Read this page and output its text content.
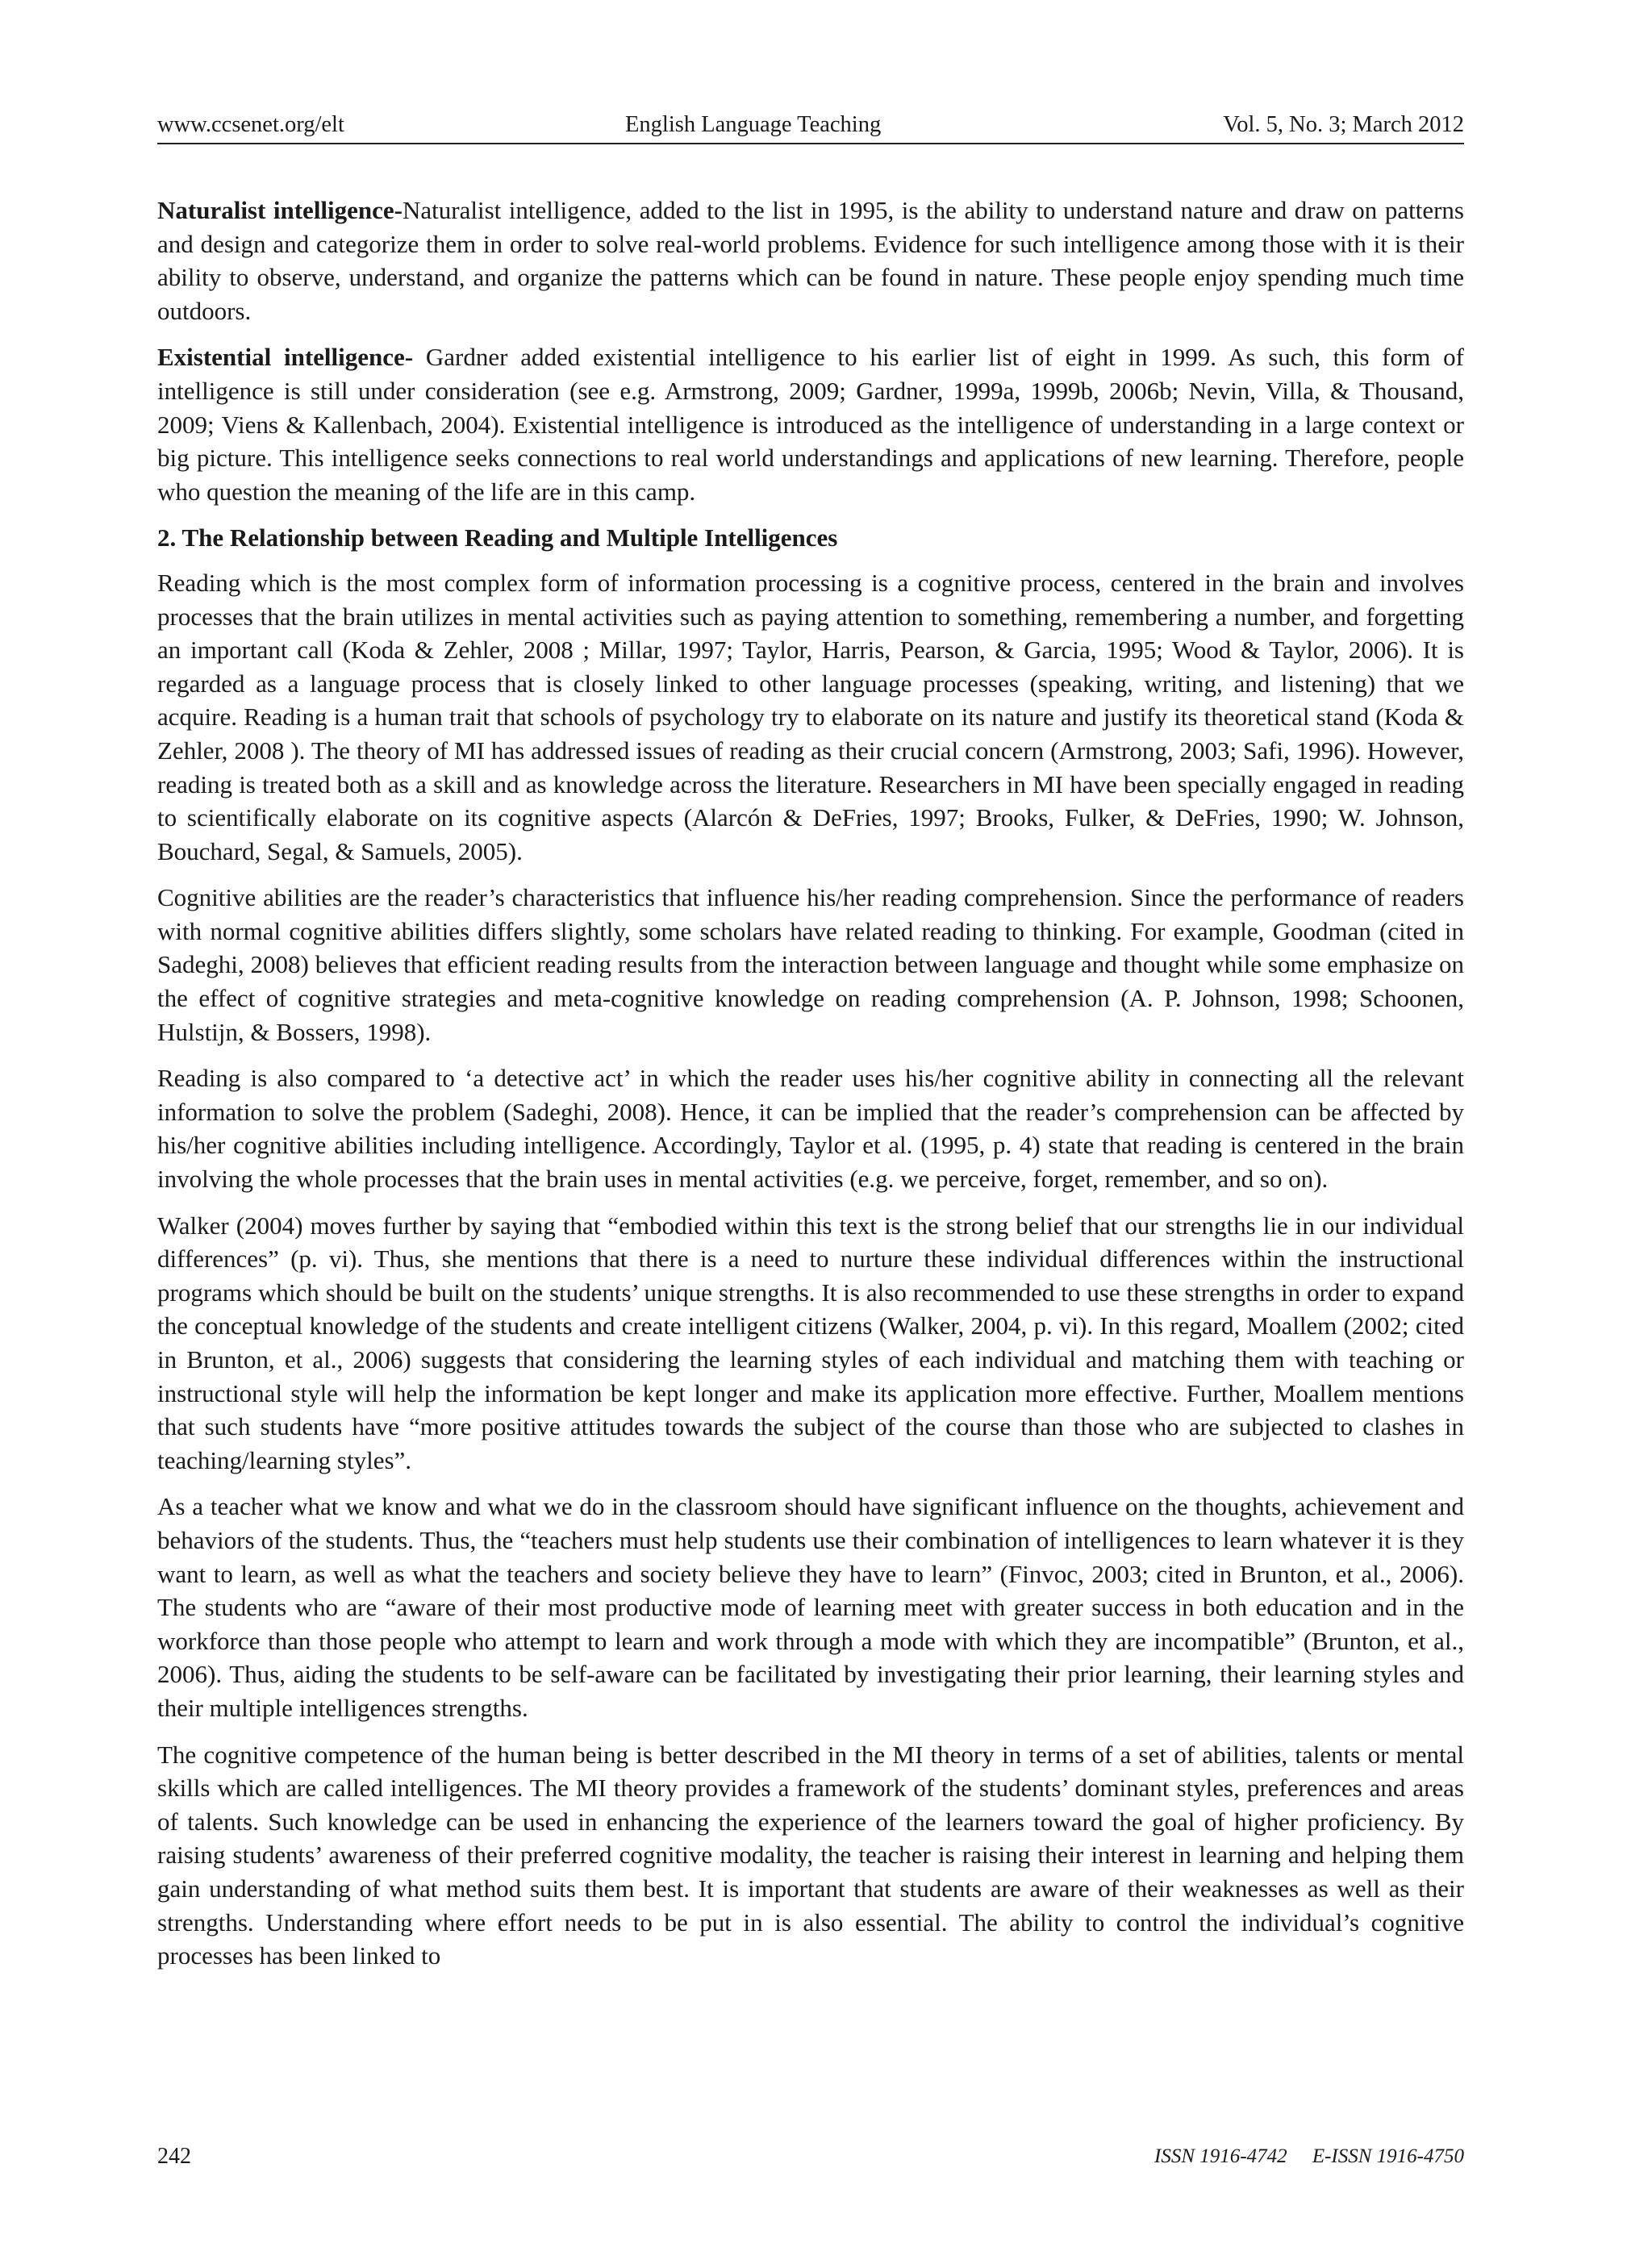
www.ccsenet.org/elt	English Language Teaching	Vol. 5, No. 3; March 2012

Naturalist intelligence-Naturalist intelligence, added to the list in 1995, is the ability to understand nature and draw on patterns and design and categorize them in order to solve real-world problems. Evidence for such intelligence among those with it is their ability to observe, understand, and organize the patterns which can be found in nature. These people enjoy spending much time outdoors.

Existential intelligence- Gardner added existential intelligence to his earlier list of eight in 1999. As such, this form of intelligence is still under consideration (see e.g. Armstrong, 2009; Gardner, 1999a, 1999b, 2006b; Nevin, Villa, & Thousand, 2009; Viens & Kallenbach, 2004). Existential intelligence is introduced as the intelligence of understanding in a large context or big picture. This intelligence seeks connections to real world understandings and applications of new learning. Therefore, people who question the meaning of the life are in this camp.

2. The Relationship between Reading and Multiple Intelligences

Reading which is the most complex form of information processing is a cognitive process, centered in the brain and involves processes that the brain utilizes in mental activities such as paying attention to something, remembering a number, and forgetting an important call (Koda & Zehler, 2008 ; Millar, 1997; Taylor, Harris, Pearson, & Garcia, 1995; Wood & Taylor, 2006). It is regarded as a language process that is closely linked to other language processes (speaking, writing, and listening) that we acquire. Reading is a human trait that schools of psychology try to elaborate on its nature and justify its theoretical stand (Koda & Zehler, 2008 ). The theory of MI has addressed issues of reading as their crucial concern (Armstrong, 2003; Safi, 1996). However, reading is treated both as a skill and as knowledge across the literature. Researchers in MI have been specially engaged in reading to scientifically elaborate on its cognitive aspects (Alarcón & DeFries, 1997; Brooks, Fulker, & DeFries, 1990; W. Johnson, Bouchard, Segal, & Samuels, 2005).

Cognitive abilities are the reader’s characteristics that influence his/her reading comprehension. Since the performance of readers with normal cognitive abilities differs slightly, some scholars have related reading to thinking. For example, Goodman (cited in Sadeghi, 2008) believes that efficient reading results from the interaction between language and thought while some emphasize on the effect of cognitive strategies and meta-cognitive knowledge on reading comprehension (A. P. Johnson, 1998; Schoonen, Hulstijn, & Bossers, 1998).

Reading is also compared to ‘a detective act’ in which the reader uses his/her cognitive ability in connecting all the relevant information to solve the problem (Sadeghi, 2008). Hence, it can be implied that the reader’s comprehension can be affected by his/her cognitive abilities including intelligence. Accordingly, Taylor et al. (1995, p. 4) state that reading is centered in the brain involving the whole processes that the brain uses in mental activities (e.g. we perceive, forget, remember, and so on).

Walker (2004) moves further by saying that “embodied within this text is the strong belief that our strengths lie in our individual differences” (p. vi). Thus, she mentions that there is a need to nurture these individual differences within the instructional programs which should be built on the students’ unique strengths. It is also recommended to use these strengths in order to expand the conceptual knowledge of the students and create intelligent citizens (Walker, 2004, p. vi). In this regard, Moallem (2002; cited in Brunton, et al., 2006) suggests that considering the learning styles of each individual and matching them with teaching or instructional style will help the information be kept longer and make its application more effective. Further, Moallem mentions that such students have “more positive attitudes towards the subject of the course than those who are subjected to clashes in teaching/learning styles”.

As a teacher what we know and what we do in the classroom should have significant influence on the thoughts, achievement and behaviors of the students. Thus, the “teachers must help students use their combination of intelligences to learn whatever it is they want to learn, as well as what the teachers and society believe they have to learn” (Finvoc, 2003; cited in Brunton, et al., 2006). The students who are “aware of their most productive mode of learning meet with greater success in both education and in the workforce than those people who attempt to learn and work through a mode with which they are incompatible” (Brunton, et al., 2006). Thus, aiding the students to be self-aware can be facilitated by investigating their prior learning, their learning styles and their multiple intelligences strengths.

The cognitive competence of the human being is better described in the MI theory in terms of a set of abilities, talents or mental skills which are called intelligences. The MI theory provides a framework of the students’ dominant styles, preferences and areas of talents. Such knowledge can be used in enhancing the experience of the learners toward the goal of higher proficiency. By raising students’ awareness of their preferred cognitive modality, the teacher is raising their interest in learning and helping them gain understanding of what method suits them best. It is important that students are aware of their weaknesses as well as their strengths. Understanding where effort needs to be put in is also essential. The ability to control the individual’s cognitive processes has been linked to

242	ISSN 1916-4742     E-ISSN 1916-4750
